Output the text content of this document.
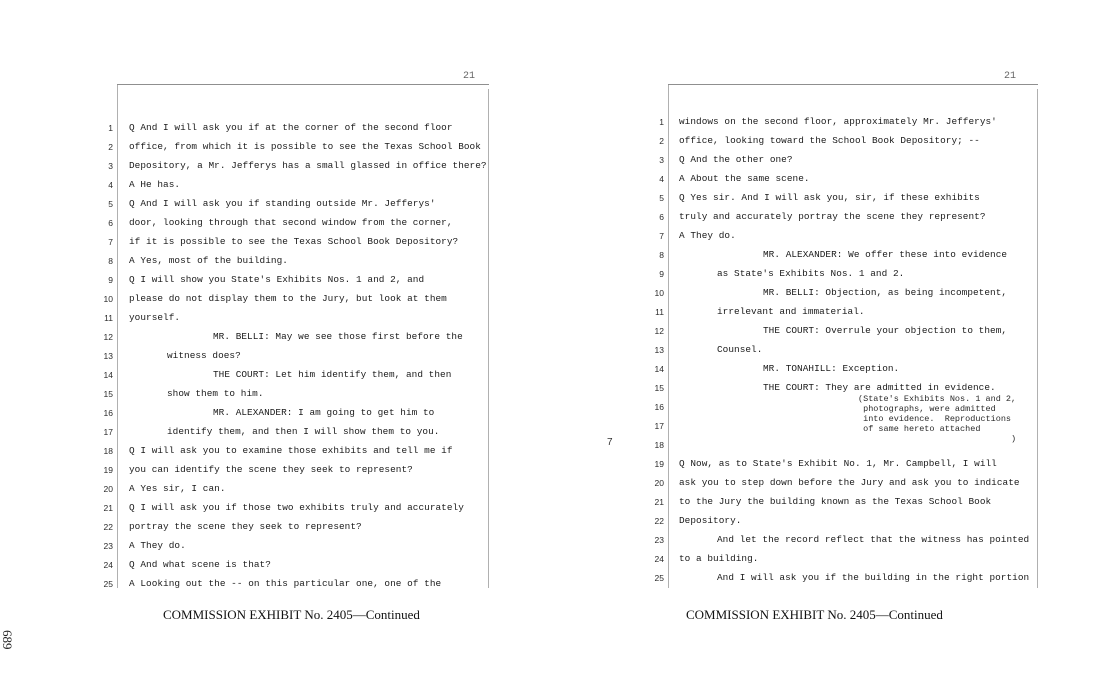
21
1
2
3
4
5
6
7
8
9
10
11
12
13
14
15
16
17
18
19
20
21
22
23
24
25
Q And I will ask you if at the corner of the second floor
office, from which it is possible to see the Texas School Book
Depository, a Mr. Jefferys has a small glassed in office there?
A He has.
Q And I will ask you if standing outside Mr. Jefferys'
door, looking through that second window from the corner,
if it is possible to see the Texas School Book Depository?
A Yes, most of the building.
Q I will show you State's Exhibits Nos. 1 and 2, and
please do not display them to the Jury, but look at them
yourself.
MR. BELLI: May we see those first before the
witness does?
THE COURT: Let him identify them, and then
show them to him.
MR. ALEXANDER: I am going to get him to
identify them, and then I will show them to you.
Q I will ask you to examine those exhibits and tell me if
you can identify the scene they seek to represent?
A Yes sir, I can.
Q I will ask you if those two exhibits truly and accurately
portray the scene they seek to represent?
A They do.
Q And what scene is that?
A Looking out the -- on this particular one, one of the
21
1
2
3
4
5
6
7
8
9
10
11
12
13
14
15
16
17
18
19
20
21
22
23
24
25
windows on the second floor, approximately Mr. Jefferys'
office, looking toward the School Book Depository; --
Q And the other one?
A About the same scene.
Q Yes sir. And I will ask you, sir, if these exhibits
truly and accurately portray the scene they represent?
A They do.
MR. ALEXANDER: We offer these into evidence
as State's Exhibits Nos. 1 and 2.
MR. BELLI: Objection, as being incompetent,
irrelevant and immaterial.
THE COURT: Overrule your objection to them,
Counsel.
MR. TONAHILL: Exception.
THE COURT: They are admitted in evidence.
Q Now, as to State's Exhibit No. 1, Mr. Campbell, I will
ask you to step down before the Jury and ask you to indicate
to the Jury the building known as the Texas School Book
Depository.
And let the record reflect that the witness has pointed
to a building.
And I will ask you if the building in the right portion
(State's Exhibits Nos. 1 and 2,
photographs, were admitted
into evidence.  Reproductions
of same hereto attached
)
COMMISSION EXHIBIT No. 2405—Continued	COMMISSION EXHIBIT No. 2405—Continued
689
7
